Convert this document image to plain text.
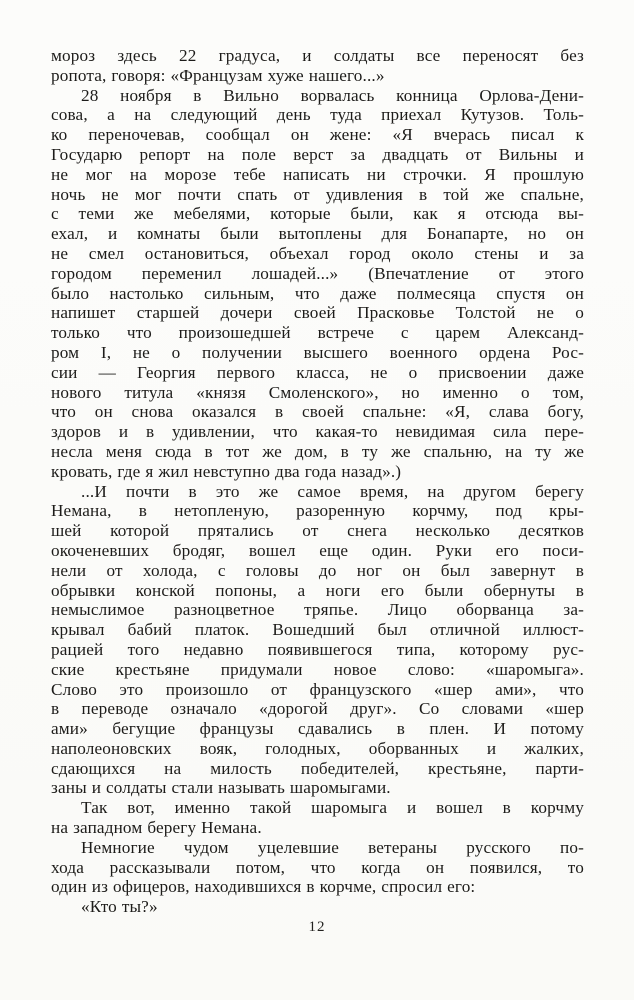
мороз здесь 22 градуса, и солдаты все переносят без
ропота, говоря: «Французам хуже нашего...»
28 ноября в Вильно ворвалась конница Орлова-Дени-
сова, а на следующий день туда приехал Кутузов. Толь-
ко переночевав, сообщал он жене: «Я вчерась писал к
Государю репорт на поле верст за двадцать от Вильны и
не мог на морозе тебе написать ни строчки. Я прошлую
ночь не мог почти спать от удивления в той же спальне,
с теми же мебелями, которые были, как я отсюда вы-
ехал, и комнаты были вытоплены для Бонапарте, но он
не смел остановиться, объехал город около стены и за
городом переменил лошадей...» (Впечатление от этого
было настолько сильным, что даже полмесяца спустя он
напишет старшей дочери своей Прасковье Толстой не о
только что произошедшей встрече с царем Александ-
ром I, не о получении высшего военного ордена Рос-
сии — Георгия первого класса, не о присвоении даже
нового титула «князя Смоленского», но именно о том,
что он снова оказался в своей спальне: «Я, слава богу,
здоров и в удивлении, что какая-то невидимая сила пере-
несла меня сюда в тот же дом, в ту же спальню, на ту же
кровать, где я жил невступно два года назад».)
...И почти в это же самое время, на другом берегу
Немана, в нетопленую, разоренную корчму, под кры-
шей которой прятались от снега несколько десятков
окоченевших бродяг, вошел еще один. Руки его поси-
нели от холода, с головы до ног он был завернут в
обрывки конской попоны, а ноги его были обернуты в
немыслимое разноцветное тряпье. Лицо оборванца за-
крывал бабий платок. Вошедший был отличной иллюст-
рацией того недавно появившегося типа, которому рус-
ские крестьяне придумали новое слово: «шаромыга».
Слово это произошло от французского «шер ами», что
в переводе означало «дорогой друг». Со словами «шер
ами» бегущие французы сдавались в плен. И потому
наполеоновских вояк, голодных, оборванных и жалких,
сдающихся на милость победителей, крестьяне, парти-
заны и солдаты стали называть шаромыгами.
Так вот, именно такой шаромыга и вошел в корчму
на западном берегу Немана.
Немногие чудом уцелевшие ветераны русского по-
хода рассказывали потом, что когда он появился, то
один из офицеров, находившихся в корчме, спросил его:
«Кто ты?»
12
